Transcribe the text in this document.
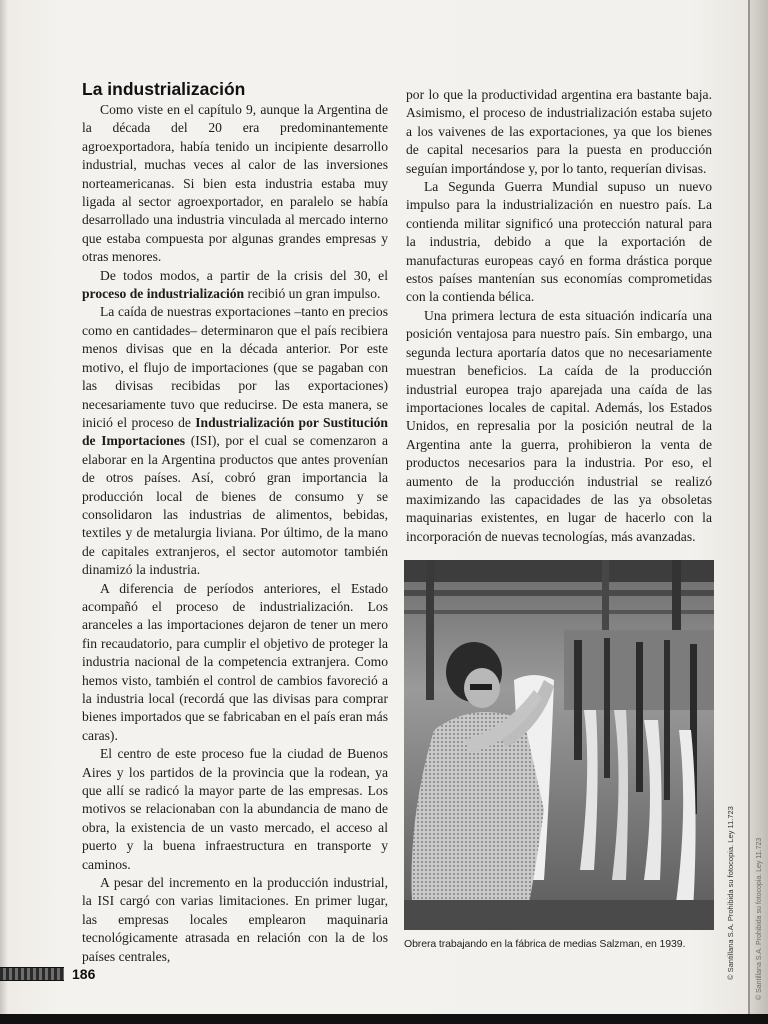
La industrialización

Como viste en el capítulo 9, aunque la Argentina de la década del 20 era predominantemente agroexportadora, había tenido un incipiente desarrollo industrial, muchas veces al calor de las inversiones norteamericanas. Si bien esta industria estaba muy ligada al sector agroexportador, en paralelo se había desarrollado una industria vinculada al mercado interno que estaba compuesta por algunas grandes empresas y otras menores.

De todos modos, a partir de la crisis del 30, el proceso de industrialización recibió un gran impulso.

La caída de nuestras exportaciones –tanto en precios como en cantidades– determinaron que el país recibiera menos divisas que en la década anterior. Por este motivo, el flujo de importaciones (que se pagaban con las divisas recibidas por las exportaciones) necesariamente tuvo que reducirse. De esta manera, se inició el proceso de Industrialización por Sustitución de Importaciones (ISI), por el cual se comenzaron a elaborar en la Argentina productos que antes provenían de otros países. Así, cobró gran importancia la producción local de bienes de consumo y se consolidaron las industrias de alimentos, bebidas, textiles y de metalurgia liviana. Por último, de la mano de capitales extranjeros, el sector automotor también dinamizó la industria.

A diferencia de períodos anteriores, el Estado acompañó el proceso de industrialización. Los aranceles a las importaciones dejaron de tener un mero fin recaudatorio, para cumplir el objetivo de proteger la industria nacional de la competencia extranjera. Como hemos visto, también el control de cambios favoreció a la industria local (recordá que las divisas para comprar bienes importados que se fabricaban en el país eran más caras).

El centro de este proceso fue la ciudad de Buenos Aires y los partidos de la provincia que la rodean, ya que allí se radicó la mayor parte de las empresas. Los motivos se relacionaban con la abundancia de mano de obra, la existencia de un vasto mercado, el acceso al puerto y la buena infraestructura en transporte y caminos.

A pesar del incremento en la producción industrial, la ISI cargó con varias limitaciones. En primer lugar, las empresas locales emplearon maquinaria tecnológicamente atrasada en relación con la de los países centrales,

por lo que la productividad argentina era bastante baja. Asimismo, el proceso de industrialización estaba sujeto a los vaivenes de las exportaciones, ya que los bienes de capital necesarios para la puesta en producción seguían importándose y, por lo tanto, requerían divisas.

La Segunda Guerra Mundial supuso un nuevo impulso para la industrialización en nuestro país. La contienda militar significó una protección natural para la industria, debido a que la exportación de manufacturas europeas cayó en forma drástica porque estos países mantenían sus economías comprometidas con la contienda bélica.

Una primera lectura de esta situación indicaría una posición ventajosa para nuestro país. Sin embargo, una segunda lectura aportaría datos que no necesariamente muestran beneficios. La caída de la producción industrial europea trajo aparejada una caída de las importaciones locales de capital. Además, los Estados Unidos, en represalia por la posición neutral de la Argentina ante la guerra, prohibieron la venta de productos necesarios para la industria. Por eso, el aumento de la producción industrial se realizó maximizando las capacidades de las ya obsoletas maquinarias existentes, en lugar de hacerlo con la incorporación de nuevas tecnologías, más avanzadas.

Obrera trabajando en la fábrica de medias Salzman, en 1939.
186	© Santillana S.A. Prohibida su fotocopia. Ley 11.723	© Santillana S.A. Prohibida su fotocopia. Ley 11.723
